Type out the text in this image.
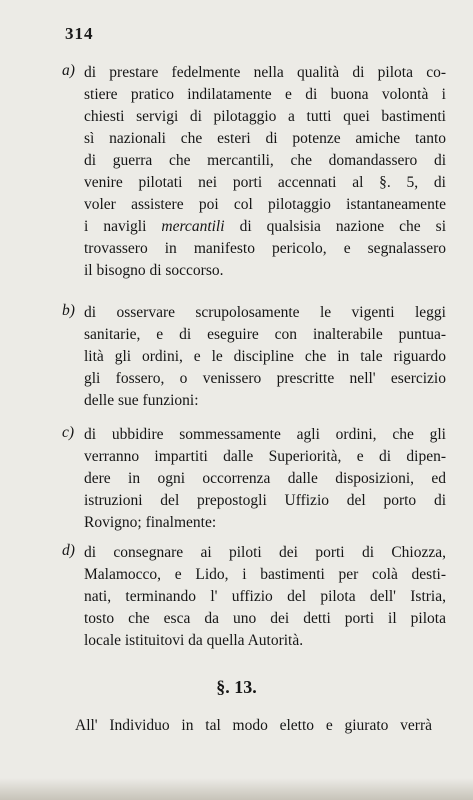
314
a) di prestare fedelmente nella qualità di pilota co-
stiere pratico indilatamente e di buona volontà i
chiesti servigi di pilotaggio a tutti quei bastimenti
sì nazionali che esteri di potenze amiche tanto
di guerra che mercantili, che domandassero di
venire pilotati nei porti accennati al §. 5, di
voler assistere poi col pilotaggio istantaneamente
i navigli mercantili di qualsisia nazione che si
trovassero in manifesto pericolo, e segnalassero
il bisogno di soccorso.
b) di osservare scrupolosamente le vigenti leggi
sanitarie, e di eseguire con inalterabile puntua-
lità gli ordini, e le discipline che in tale riguardo
gli fossero, o venissero prescritte nell' esercizio
delle sue funzioni:
c) di ubbidire sommessamente agli ordini, che gli
verranno impartiti dalle Superiorità, e di dipen-
dere in ogni occorrenza dalle disposizioni, ed
istruzioni del prepostogli Uffizio del porto di
Rovigno; finalmente:
d) di consegnare ai piloti dei porti di Chiozza,
Malamocco, e Lido, i bastimenti per colà desti-
nati, terminando l' uffizio del pilota dell' Istria,
tosto che esca da uno dei detti porti il pilota
locale istituitovi da quella Autorità.
§. 13.
All' Individuo in tal modo eletto e giurato verrà
